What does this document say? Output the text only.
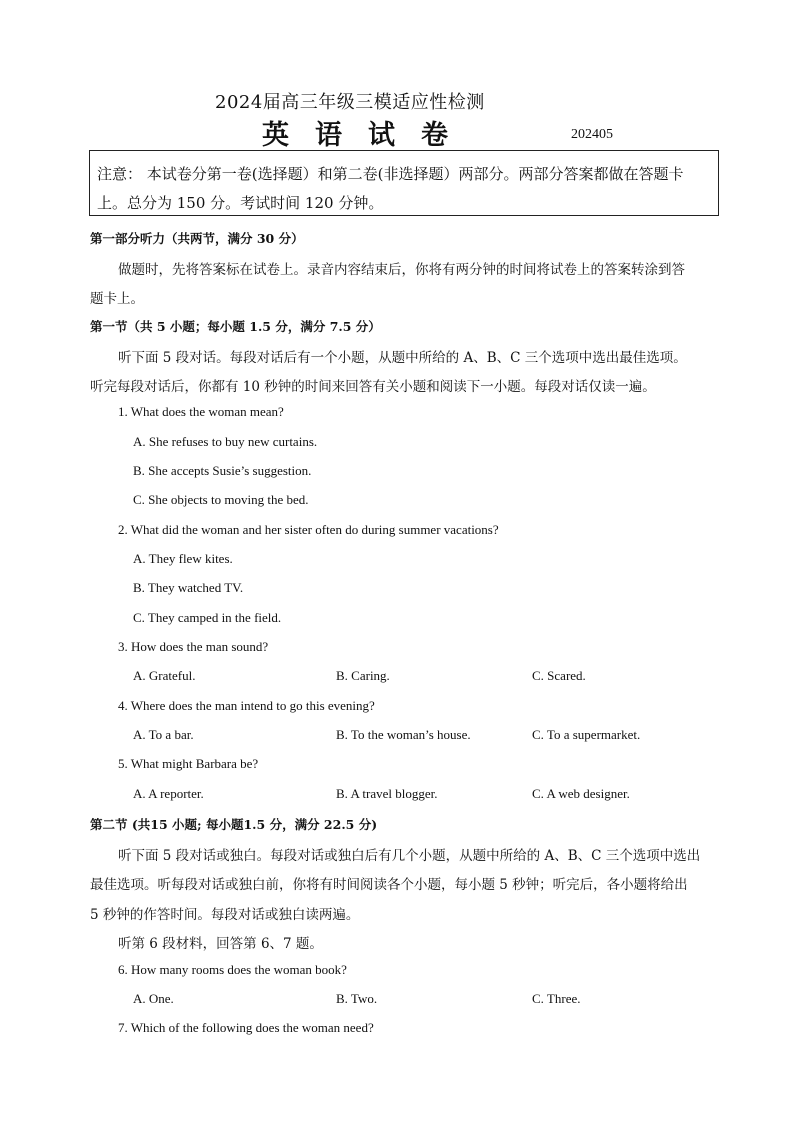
2024届高三年级三模适应性检测
英语试卷	202405
注意： 本试卷分第一卷(选择题）和第二卷(非选择题）两部分。两部分答案都做在答题卡上。总分为 150 分。考试时间 120 分钟。
第一部分听力（共两节，满分 30 分）
做题时，先将答案标在试卷上。录音内容结束后，你将有两分钟的时间将试卷上的答案转涂到答
题卡上。
第一节（共 5 小题；每小题 1.5 分，满分 7.5 分）
听下面 5 段对话。每段对话后有一个小题，从题中所给的 A、B、C 三个选项中选出最佳选项。
听完每段对话后，你都有 10 秒钟的时间来回答有关小题和阅读下一小题。每段对话仅读一遍。
1. What does the woman mean?
A. She refuses to buy new curtains.
B. She accepts Susie’s suggestion.
C. She objects to moving the bed.
2. What did the woman and her sister often do during summer vacations?
A. They flew kites.
B. They watched TV.
C. They camped in the field.
3. How does the man sound?
A. Grateful.	B. Caring.	C. Scared.
4. Where does the man intend to go this evening?
A. To a bar.	B. To the woman’s house.	C. To a supermarket.
5. What might Barbara be?
A. A reporter.	B. A travel blogger.	C. A web designer.
第二节 (共15 小题; 每小题1.5 分，满分 22.5 分)
听下面 5 段对话或独白。每段对话或独白后有几个小题，从题中所给的 A、B、C 三个选项中选出
最佳选项。听每段对话或独白前，你将有时间阅读各个小题，每小题 5 秒钟；听完后，各小题将给出
5 秒钟的作答时间。每段对话或独白读两遍。
听第 6 段材料，回答第 6、7 题。
6. How many rooms does the woman book?
A. One.	B. Two.	C. Three.
7. Which of the following does the woman need?
